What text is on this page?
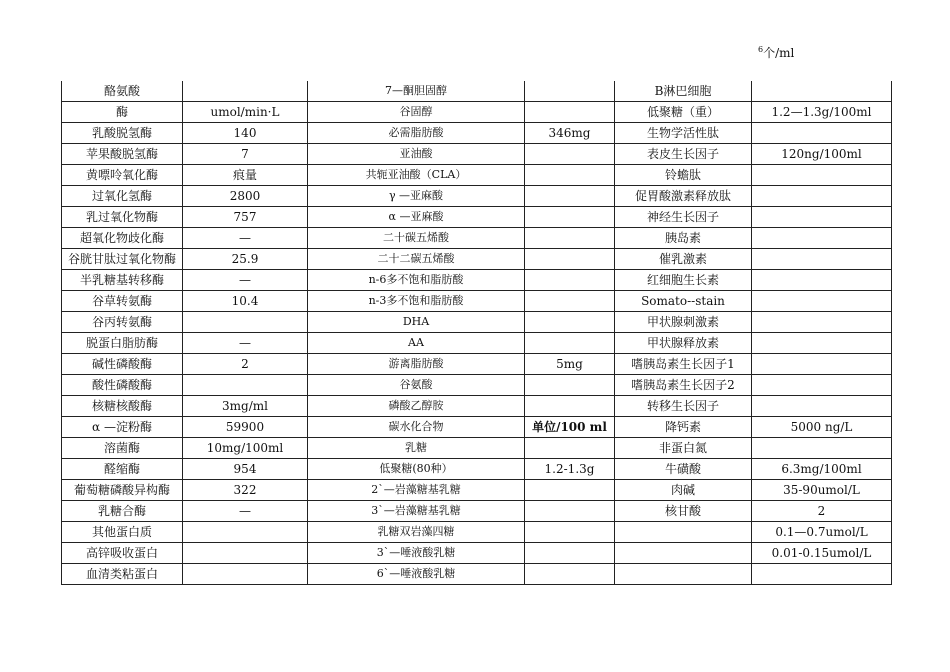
$^6$个/ml
酪氨酸		7—酮胆固醇		B淋巴细胞	
酶	umol/min·L	谷固醇		低聚糖（重）	1.2—1.3g/100ml
乳酸脱氢酶	140	必需脂肪酸	346mg	生物学活性肽	
苹果酸脱氢酶	7	亚油酸		表皮生长因子	120ng/100ml
黄嘌呤氧化酶	痕量	共轭亚油酸（CLA）		铃蟾肽	
过氧化氢酶	2800	γ —亚麻酸		促胃酸激素释放肽	
乳过氧化物酶	757	α —亚麻酸		神经生长因子	
超氧化物歧化酶	—	二十碳五烯酸		胰岛素	
谷胱甘肽过氧化物酶	25.9	二十二碳五烯酸		催乳激素	
半乳糖基转移酶	—	n-6多不饱和脂肪酸		红细胞生长素	
谷草转氨酶	10.4	n-3多不饱和脂肪酸		Somato--stain	
谷丙转氨酶		DHA		甲状腺刺激素	
脱蛋白脂肪酶	—	AA		甲状腺释放素	
碱性磷酸酶	2	游离脂肪酸	5mg	嗜胰岛素生长因子1	
酸性磷酸酶		谷氨酸		嗜胰岛素生长因子2	
核糖核酸酶	3mg/ml	磷酸乙醇胺		转移生长因子	
α —淀粉酶	59900	碳水化合物	单位/100 ml	降钙素	5000 ng/L
溶菌酶	10mg/100ml	乳糖		非蛋白氮	
醛缩酶	954	低聚糖(80种）	1.2-1.3g	牛磺酸	6.3mg/100ml
葡萄糖磷酸异构酶	322	2`—岩藻糖基乳糖		肉碱	35-90umol/L
乳糖合酶	—	3`—岩藻糖基乳糖		核甘酸	2
其他蛋白质		乳糖双岩藻四糖			0.1—0.7umol/L
高锌吸收蛋白		3`—唾液酸乳糖			0.01-0.15umol/L
血清类粘蛋白		6`—唾液酸乳糖			
